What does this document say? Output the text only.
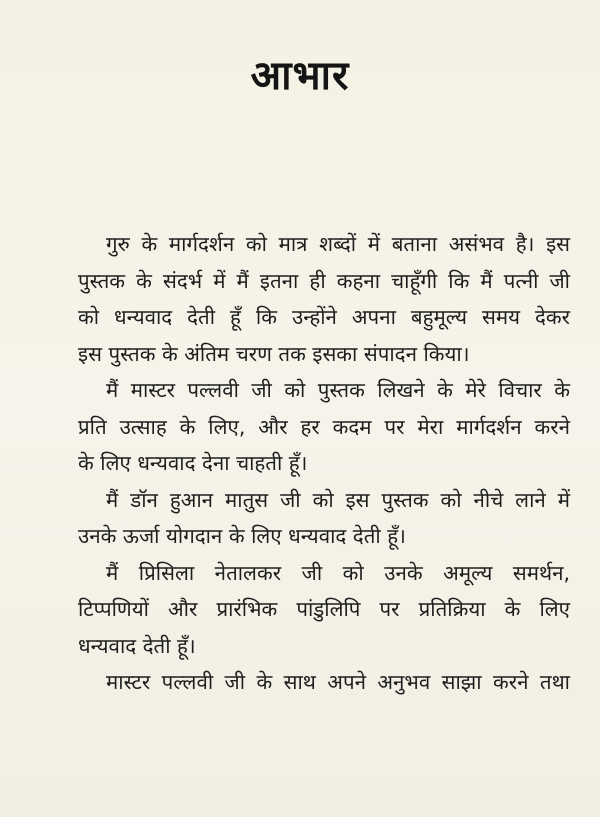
आभार
गुरु के मार्गदर्शन को मात्र शब्दों में बताना असंभव है। इस
पुस्तक के संदर्भ में मैं इतना ही कहना चाहूँगी कि मैं पत्नी जी
को धन्यवाद देती हूँ कि उन्होंने अपना बहुमूल्य समय देकर
इस पुस्तक के अंतिम चरण तक इसका संपादन किया।
मैं मास्टर पल्लवी जी को पुस्तक लिखने के मेरे विचार के
प्रति उत्साह के लिए, और हर कदम पर मेरा मार्गदर्शन करने
के लिए धन्यवाद देना चाहती हूँ।
मैं डॉन हुआन मातुस जी को इस पुस्तक को नीचे लाने में
उनके ऊर्जा योगदान के लिए धन्यवाद देती हूँ।
मैं प्रिसिला नेतालकर जी को उनके अमूल्य समर्थन,
टिप्पणियों और प्रारंभिक पांडुलिपि पर प्रतिक्रिया के लिए
धन्यवाद देती हूँ।
मास्टर पल्लवी जी के साथ अपने अनुभव साझा करने तथा
